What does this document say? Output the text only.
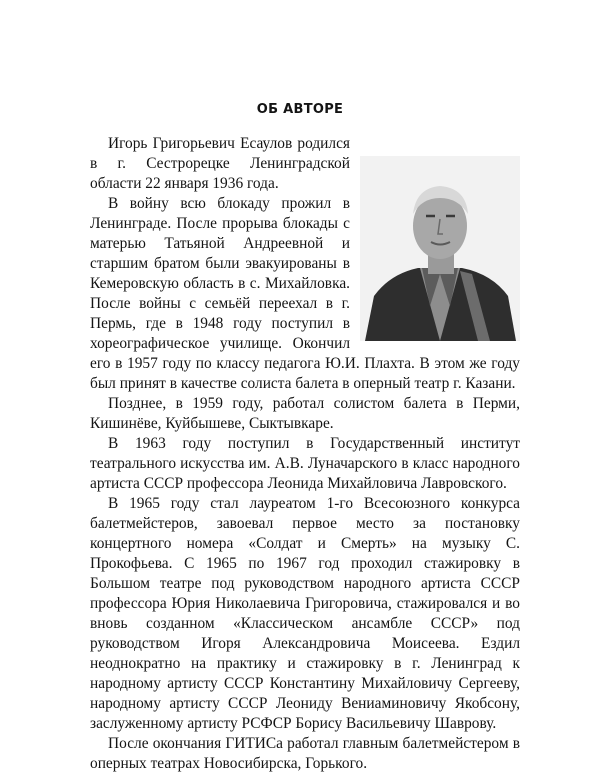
ОБ АВТОРЕ

Игорь Григорьевич Есаулов родился в г. Сестрорецке Ленинградской области 22 января 1936 года.

В войну всю блокаду прожил в Ленинграде. После прорыва блокады с матерью Татьяной Андреевной и старшим братом были эвакуированы в Кемеровскую область в с. Михайловка. После войны с семьёй переехал в г. Пермь, где в 1948 году поступил в хореографическое училище. Окончил его в 1957 году по классу педагога Ю.И. Плахта. В этом же году был принят в качестве солиста балета в оперный театр г. Казани.

Позднее, в 1959 году, работал солистом балета в Перми, Кишинёве, Куйбышеве, Сыктывкаре.

В 1963 году поступил в Государственный институт театрального искусства им. А.В. Луначарского в класс народного артиста СССР профессора Леонида Михайловича Лавровского.

В 1965 году стал лауреатом 1-го Всесоюзного конкурса балетмейстеров, завоевал первое место за постановку концертного номера «Солдат и Смерть» на музыку С. Прокофьева. С 1965 по 1967 год проходил стажировку в Большом театре под руководством народного артиста СССР профессора Юрия Николаевича Григоровича, стажировался и во вновь созданном «Классическом ансамбле СССР» под руководством Игоря Александровича Моисеева. Ездил неоднократно на практику и стажировку в г. Ленинград к народному артисту СССР Константину Михайловичу Сергееву, народному артисту СССР Леониду Вениаминовичу Якобсону, заслуженному артисту РСФСР Борису Васильевичу Шаврову.

После окончания ГИТИСа работал главным балетмейстером в оперных театрах Новосибирска, Горького.
